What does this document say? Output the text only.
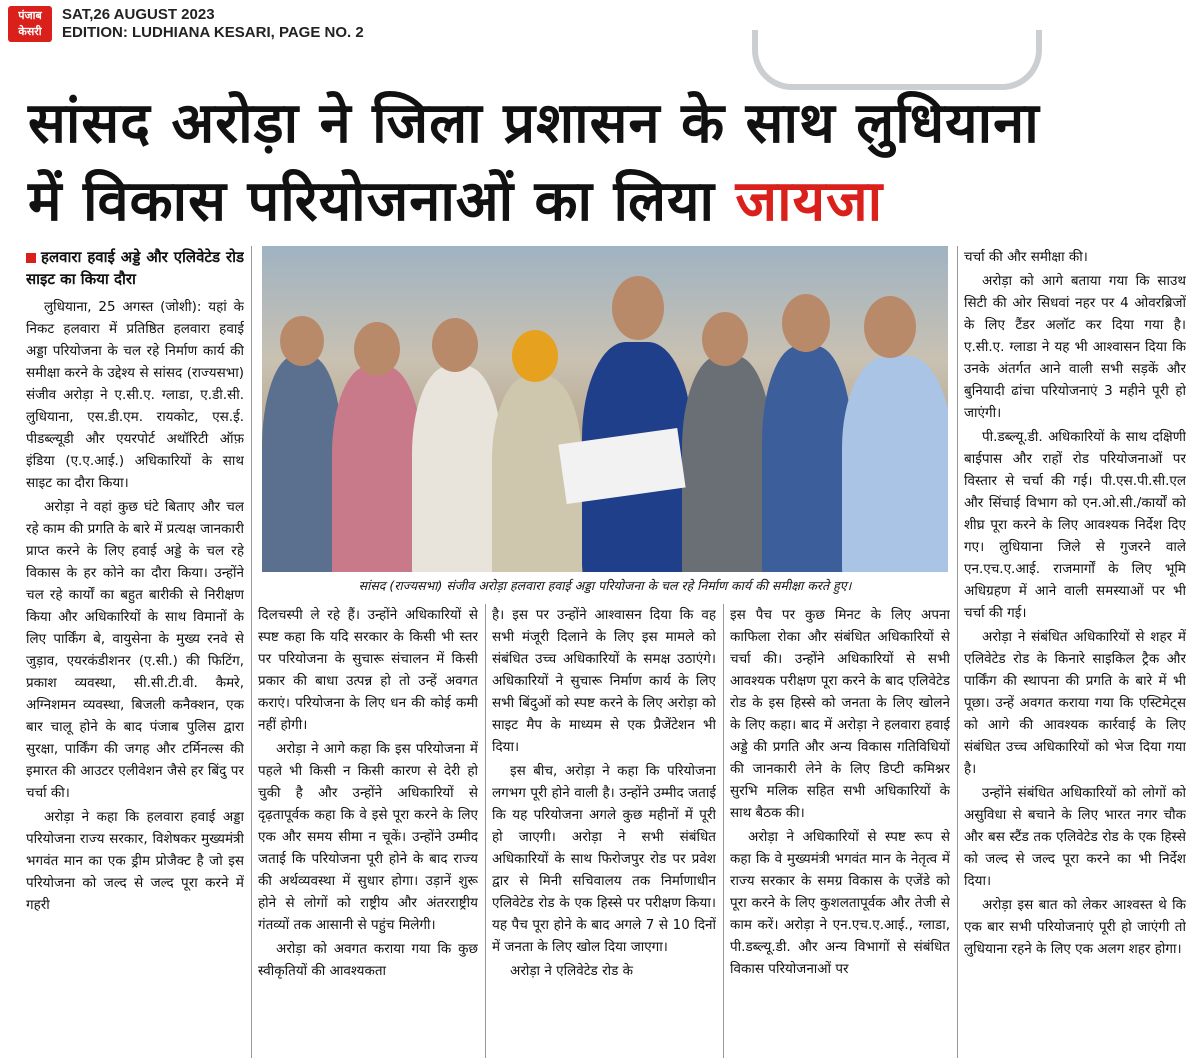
पंजाब
केसरी
SAT,26 AUGUST 2023
EDITION: LUDHIANA KESARI, PAGE NO. 2
सांसद अरोड़ा ने जिला प्रशासन के साथ लुधियाना
में विकास परियोजनाओं का लिया जायजा
हलवारा हवाई अड्डे और एलिवेटेड रोड साइट का किया दौरा

लुधियाना, 25 अगस्त (जोशी): यहां के निकट हलवारा में प्रतिष्ठित हलवारा हवाई अड्डा परियोजना के चल रहे निर्माण कार्य की समीक्षा करने के उद्देश्य से सांसद (राज्यसभा) संजीव अरोड़ा ने ए.सी.ए. ग्लाडा, ए.डी.सी. लुधियाना, एस.डी.एम. रायकोट, एस.ई. पीडब्ल्यूडी और एयरपोर्ट अथॉरिटी ऑफ़ इंडिया (ए.ए.आई.) अधिकारियों के साथ साइट का दौरा किया।

अरोड़ा ने वहां कुछ घंटे बिताए और चल रहे काम की प्रगति के बारे में प्रत्यक्ष जानकारी प्राप्त करने के लिए हवाई अड्डे के चल रहे विकास के हर कोने का दौरा किया। उन्होंने चल रहे कार्यों का बहुत बारीकी से निरीक्षण किया और अधिकारियों के साथ विमानों के लिए पार्किंग बे, वायुसेना के मुख्य रनवे से जुड़ाव, एयरकंडीशनर (ए.सी.) की फिटिंग, प्रकाश व्यवस्था, सी.सी.टी.वी. कैमरे, अग्निशमन व्यवस्था, बिजली कनैक्शन, एक बार चालू होने के बाद पंजाब पुलिस द्वारा सुरक्षा, पार्किंग की जगह और टर्मिनल्स की इमारत की आउटर एलीवेशन जैसे हर बिंदु पर चर्चा की।

अरोड़ा ने कहा कि हलवारा हवाई अड्डा परियोजना राज्य सरकार, विशेषकर मुख्यमंत्री भगवंत मान का एक ड्रीम प्रोजैक्ट है जो इस परियोजना को जल्द से जल्द पूरा करने में गहरी

सांसद (राज्यसभा) संजीव अरोड़ा हलवारा हवाई अड्डा परियोजना के चल रहे निर्माण कार्य की समीक्षा करते हुए।

दिलचस्पी ले रहे हैं। उन्होंने अधिकारियों से स्पष्ट कहा कि यदि सरकार के किसी भी स्तर पर परियोजना के सुचारू संचालन में किसी प्रकार की बाधा उत्पन्न हो तो उन्हें अवगत कराएं। परियोजना के लिए धन की कोई कमी नहीं होगी।

अरोड़ा ने आगे कहा कि इस परियोजना में पहले भी किसी न किसी कारण से देरी हो चुकी है और उन्होंने अधिकारियों से दृढ़तापूर्वक कहा कि वे इसे पूरा करने के लिए एक और समय सीमा न चूकें। उन्होंने उम्मीद जताई कि परियोजना पूरी होने के बाद राज्य की अर्थव्यवस्था में सुधार होगा। उड़ानें शुरू होने से लोगों को राष्ट्रीय और अंतरराष्ट्रीय गंतव्यों तक आसानी से पहुंच मिलेगी।

अरोड़ा को अवगत कराया गया कि कुछ स्वीकृतियों की आवश्यकता

है। इस पर उन्होंने आश्वासन दिया कि वह सभी मंजूरी दिलाने के लिए इस मामले को संबंधित उच्च अधिकारियों के समक्ष उठाएंगे। अधिकारियों ने सुचारू निर्माण कार्य के लिए सभी बिंदुओं को स्पष्ट करने के लिए अरोड़ा को साइट मैप के माध्यम से एक प्रैजेंटेशन भी दिया।

इस बीच, अरोड़ा ने कहा कि परियोजना लगभग पूरी होने वाली है। उन्होंने उम्मीद जताई कि यह परियोजना अगले कुछ महीनों में पूरी हो जाएगी। अरोड़ा ने सभी संबंधित अधिकारियों के साथ फिरोजपुर रोड पर प्रवेश द्वार से मिनी सचिवालय तक निर्माणाधीन एलिवेटेड रोड के एक हिस्से पर परीक्षण किया। यह पैच पूरा होने के बाद अगले 7 से 10 दिनों में जनता के लिए खोल दिया जाएगा।

अरोड़ा ने एलिवेटेड रोड के

इस पैच पर कुछ मिनट के लिए अपना काफिला रोका और संबंधित अधिकारियों से चर्चा की। उन्होंने अधिकारियों से सभी आवश्यक परीक्षण पूरा करने के बाद एलिवेटेड रोड के इस हिस्से को जनता के लिए खोलने के लिए कहा। बाद में अरोड़ा ने हलवारा हवाई अड्डे की प्रगति और अन्य विकास गतिविधियों की जानकारी लेने के लिए डिप्टी कमिश्नर सुरभि मलिक सहित सभी अधिकारियों के साथ बैठक की।

अरोड़ा ने अधिकारियों से स्पष्ट रूप से कहा कि वे मुख्यमंत्री भगवंत मान के नेतृत्व में राज्य सरकार के समग्र विकास के एजेंडे को पूरा करने के लिए कुशलतापूर्वक और तेजी से काम करें। अरोड़ा ने एन.एच.ए.आई., ग्लाडा, पी.डब्ल्यू.डी. और अन्य विभागों से संबंधित विकास परियोजनाओं पर

चर्चा की और समीक्षा की।

अरोड़ा को आगे बताया गया कि साउथ सिटी की ओर सिधवां नहर पर 4 ओवरब्रिजों के लिए टैंडर अलॉट कर दिया गया है। ए.सी.ए. ग्लाडा ने यह भी आश्वासन दिया कि उनके अंतर्गत आने वाली सभी सड़कें और बुनियादी ढांचा परियोजनाएं 3 महीने पूरी हो जाएंगी।

पी.डब्ल्यू.डी. अधिकारियों के साथ दक्षिणी बाईपास और राहों रोड परियोजनाओं पर विस्तार से चर्चा की गई। पी.एस.पी.सी.एल और सिंचाई विभाग को एन.ओ.सी./कार्यों को शीघ्र पूरा करने के लिए आवश्यक निर्देश दिए गए। लुधियाना जिले से गुजरने वाले एन.एच.ए.आई. राजमार्गों के लिए भूमि अधिग्रहण में आने वाली समस्याओं पर भी चर्चा की गई।

अरोड़ा ने संबंधित अधिकारियों से शहर में एलिवेटेड रोड के किनारे साइकिल ट्रैक और पार्किंग की स्थापना की प्रगति के बारे में भी पूछा। उन्हें अवगत कराया गया कि एस्टिमेट्स को आगे की आवश्यक कार्रवाई के लिए संबंधित उच्च अधिकारियों को भेज दिया गया है।

उन्होंने संबंधित अधिकारियों को लोगों को असुविधा से बचाने के लिए भारत नगर चौक और बस स्टैंड तक एलिवेटेड रोड के एक हिस्से को जल्द से जल्द पूरा करने का भी निर्देश दिया।

अरोड़ा इस बात को लेकर आश्वस्त थे कि एक बार सभी परियोजनाएं पूरी हो जाएंगी तो लुधियाना रहने के लिए एक अलग शहर होगा।
